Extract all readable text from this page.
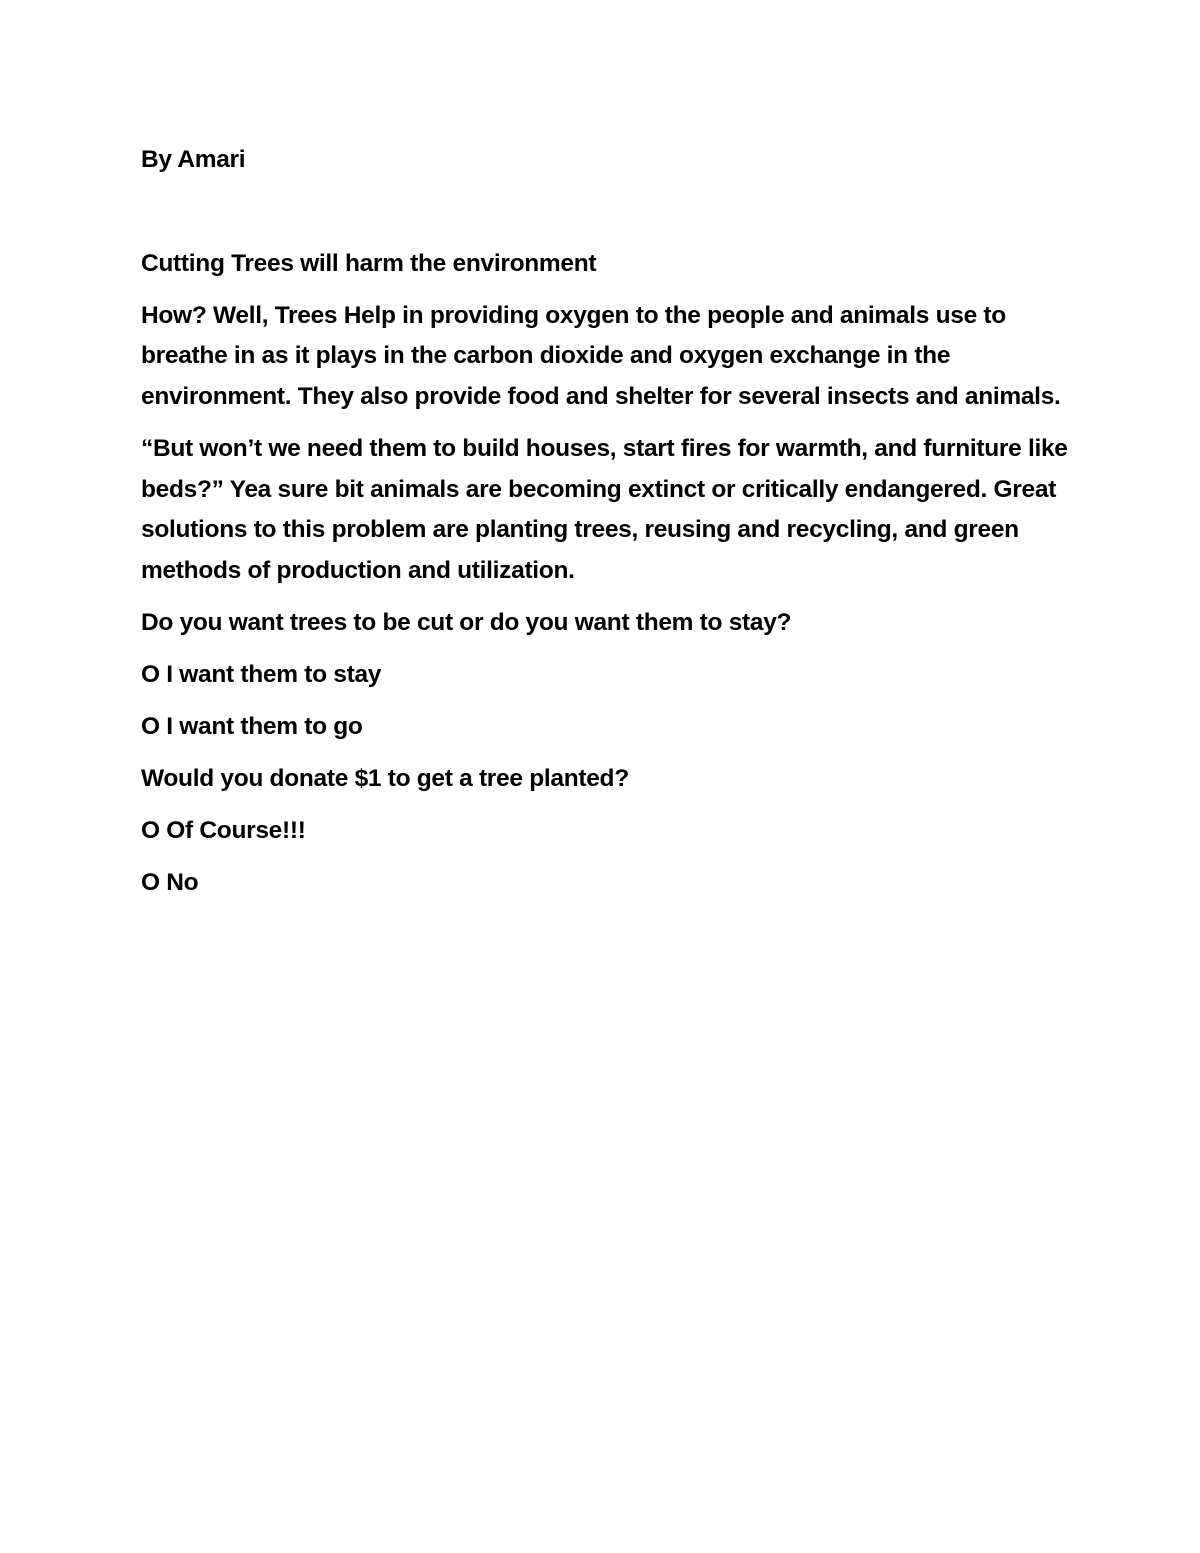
By Amari

Cutting Trees will harm the environment

How? Well, Trees Help in providing oxygen to the people and animals use to breathe in as it plays in the carbon dioxide and oxygen exchange in the environment. They also provide food and shelter for several insects and animals.

“But won’t we need them to build houses, start fires for warmth, and furniture like beds?” Yea sure bit animals are becoming extinct or critically endangered. Great solutions to this problem are planting trees, reusing and recycling, and green methods of production and utilization.

Do you want trees to be cut or do you want them to stay?

O I want them to stay

O I want them to go

Would you donate $1 to get a tree planted?

O Of Course!!!

O No
